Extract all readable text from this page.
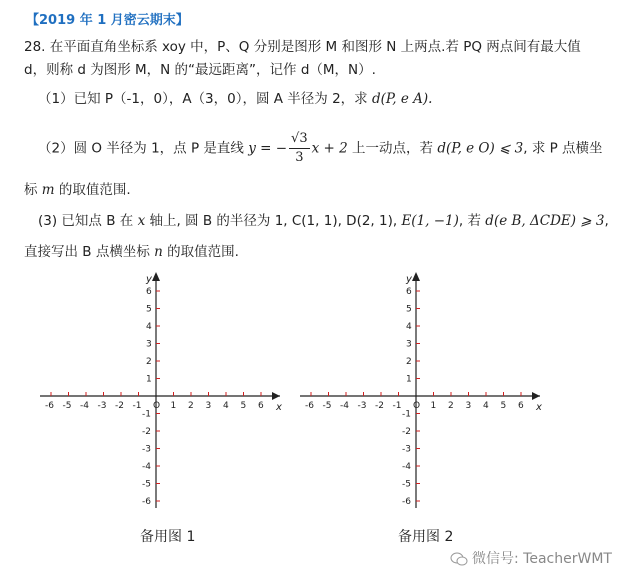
【2019 年 1 月密云期末】
28. 在平面直角坐标系 xoy 中，P、Q 分别是图形 M 和图形 N 上两点.若 PQ 两点间有最大值
d，则称 d 为图形 M，N 的“最远距离”，记作 d（M，N）.
（1）已知 P（-1，0），A（3，0），圆 A 半径为 2，求 d(P, e A).
（2）圆 O 半径为 1，点 P 是直线 y = − $\frac{√3}{3}$ x + 2 上一动点，若 d(P, e O) ⩽ 3, 求 P 点横坐
标 m 的取值范围.
(3) 已知点 B 在 x 轴上, 圆 B 的半径为 1, C(1, 1), D(2, 1), E(1, −1), 若 d(e B, ΔCDE) ⩾ 3,
直接写出 B 点横坐标 n 的取值范围.
x
y
-6 -5 -4 -3 -2 -1 O 1 2 3 4 5 6
6
5
4
3
2
1
-1
-2
-3
-4
-5
-6
x
y
-6 -5 -4 -3 -2 -1 O 1 2 3 4 5 6
6
5
4
3
2
1
-1
-2
-3
-4
-5
-6
备用图 1	备用图 2
微信号: TeacherWMT
